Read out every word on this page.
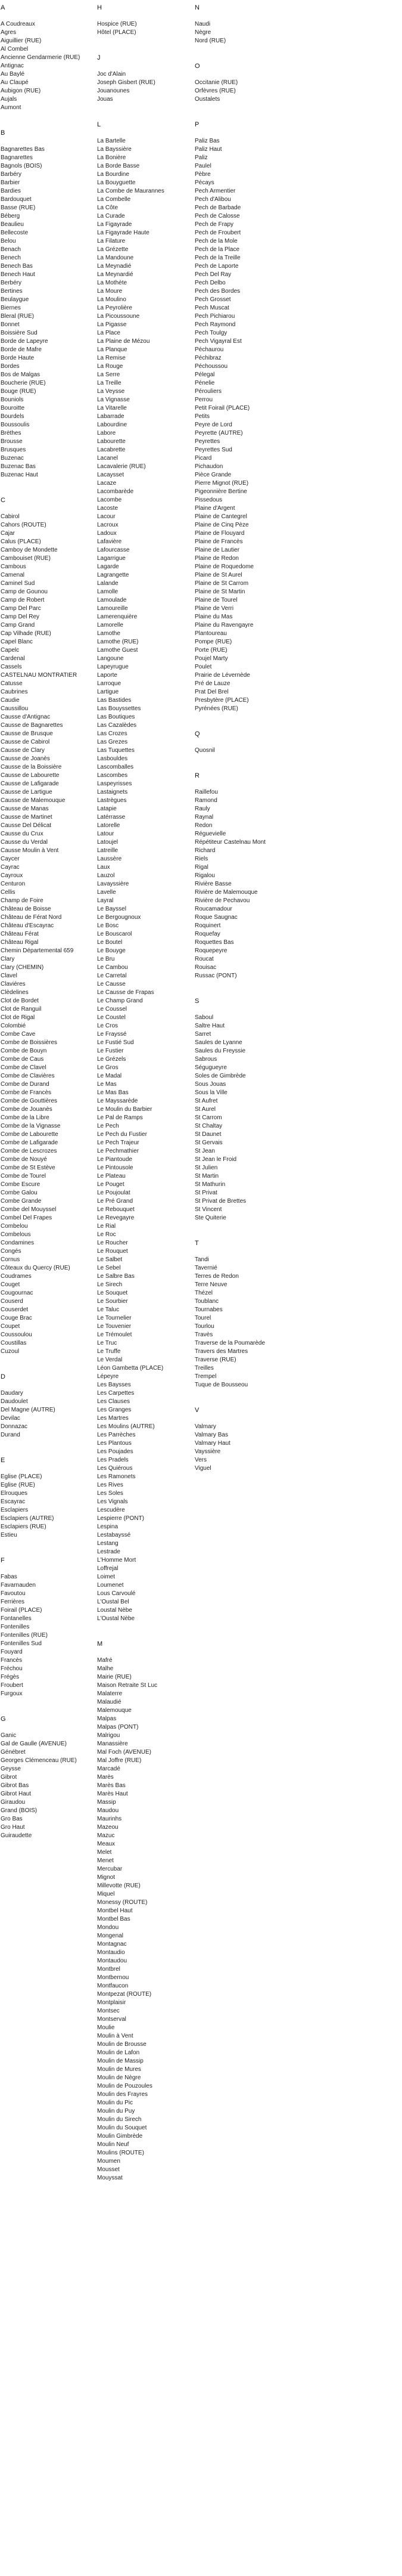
A
A Coudreaux
Agres
Aiguillier (RUE)
Al Combel
Ancienne Gendarmerie (RUE)
Antignac
Au Baylé
Au Claupé
Aubigon (RUE)
Aujals
Aumont
B
Bagnarettes Bas
Bagnarettes
Bagnols (BOIS)
Barbéry
Barbier
Bardies
Bardouquet
Basse (RUE)
Béberg
Beaulieu
Bellecoste
Belou
Benach
Benech
Benech Bas
Benech Haut
Berbéry
Bertines
Beulaygue
Biernes
Bleral (RUE)
Bonnet
Boissière Sud
Borde de Lapeyre
Borde de Mafre
Borde Haute
Bordes
Bos de Malgas
Boucherie (RUE)
Bouge (RUE)
Bouniols
Bouroitte
Bourdels
Boussoulis
Brèthes
Brousse
Brusques
Buzenac
Buzenac Bas
Buzenac Haut
C
Cabirol
Cahors (ROUTE)
Cajar
Calus (PLACE)
Camboy de Mondette
Cambouiset (RUE)
Cambous
Camenal
Caminel Sud
Camp de Gounou
Camp de Robert
Camp Del Parc
Camp Del Rey
Camp Grand
Cap Vilhade (RUE)
Capel Blanc
Capelc
Cardenal
Cassels
CASTELNAU MONTRATIER
Catusse
Caubrines
Caudie
Caussillou
Causse d'Antignac
Causse de Bagnarettes
Causse de Brusque
Causse de Cabirol
Causse de Clary
Causse de Joanès
Causse de la Boissière
Causse de Labourette
Causse de Lafigarade
Causse de Lartigue
Causse de Malemouque
Causse de Manas
Causse de Martinet
Causse Del Délicat
Causse du Crux
Causse du Verdal
Causse Moulin à Vent
Caycer
Cayrac
Cayroux
Centuron
Cellis
Champ de Foire
Château de Boisse
Château de Férat Nord
Château d'Escayrac
Château Férat
Château Rigal
Chemin Départemental 659
Clary
Clary (CHEMIN)
Clavel
Clavières
Clèdelines
Clot de Bordet
Clot de Ranguil
Clot de Rigal
Colombié
Combe Cave
Combe de Boissières
Combe de Bouyn
Combe de Caus
Combe de Clavel
Combe de Clavières
Combe de Durand
Combe de Francès
Combe de Gouttières
Combe de Jouanès
Combe de la Libre
Combe de la Vignasse
Combe de Labourette
Combe de Lafigarade
Combe de Lescrozes
Combe de Nouyé
Combe de St Estève
Combe de Tourel
Combe Escure
Combe Galou
Combe Grande
Combe del Mouyssel
Combel Del Frapes
Combelou
Combelous
Condamines
Congés
Cornus
Côteaux du Quercy (RUE)
Coudrames
Couget
Cougournac
Couserd
Couserdet
Couge Brac
Coupet
Coussoulou
Coustillas
Cuzoul
D
Daudary
Daudoulet
Del Magne (AUTRE)
Devilac
Donnazac
Durand
E
Eglise (PLACE)
Eglise (RUE)
Elrouques
Escayrac
Esclapiers
Esclapiers (AUTRE)
Esclapiers (RUE)
Estieu
F
Fabas
Favarnauden
Favoutou
Ferrières
Foirail (PLACE)
Fontanelles
Fontenilles
Fontenilles (RUE)
Fontenilles Sud
Fouyard
Francès
Fréchou
Frégès
Froubert
Furgoux
G
Ganic
Gal de Gaulle (AVENUE)
Génébret
Georges Clémenceau (RUE)
Geysse
Gibrot
Gibrot Bas
Gibrot Haut
Giraudou
Grand (BOIS)
Gro Bas
Gro Haut
Guiraudette
H
Hospice (RUE)
Hôtel (PLACE)
J
Joc d'Alain
Joseph Gisbert (RUE)
Jouanounes
Jouas
L
La Bartelle
La Bayssière
La Bonière
La Borde Basse
La Bourdine
La Bouyguette
La Combe de Maurannes
La Combelle
La Côte
La Curade
La Figayrade
La Figayrade Haute
La Filature
La Grézette
La Mandoune
La Meynadié
La Meynardié
La Mothète
La Moure
La Moulino
La Peyrolière
La Picoussoune
La Pigasse
La Place
La Plaine de Mézou
La Planque
La Remise
La Rouge
La Serre
La Treille
La Veysse
La Vignasse
La Vitarelle
Labarrade
Labourdine
Labore
Labourette
Lacabrette
Lacanel
Lacavalerie (RUE)
Lacaysset
Lacaze
Lacombarède
Lacombe
Lacoste
Lacour
Lacroux
Ladoux
Lafavière
Lafourcasse
Lagarrigue
Lagarde
Lagrangette
Lalande
Lamolle
Lamoulade
Lamoureille
Lamerenquière
Lamorelle
Lamothe
Lamothe (RUE)
Lamothe Guest
Langoune
Lapeyrugue
Laporte
Larroque
Lartigue
Las Bastides
Las Bouyssettes
Las Boutiques
Las Cazalèdes
Las Crozes
Las Grezes
Las Tuquettes
Lasbouldes
Lascomballes
Lascombes
Laspeyrisses
Lastaignets
Lastrègues
Latapie
Latérrasse
Latorelle
Latour
Latoujel
Latreille
Laussère
Laux
Lauzol
Lavayssière
Lavelle
Layral
Le Bayssel
Le Bergougnoux
Le Bosc
Le Bouscarol
Le Boutel
Le Bouyge
Le Bru
Le Cambou
Le Carretal
Le Causse
Le Causse de Frapas
Le Champ Grand
Le Coussel
Le Coustel
Le Cros
Le Frayssé
Le Fustié Sud
Le Fustier
Le Grézels
Le Gros
Le Madal
Le Mas
Le Mas Bas
Le Mayssarède
Le Moulin du Barbier
Le Pal de Ramps
Le Pech
Le Pech du Fustier
Le Pech Trajeur
Le Pechmathier
Le Piantoude
Le Pintousole
Le Plateau
Le Pouget
Le Poujoulat
Le Pré Grand
Le Rebouquet
Le Revegayre
Le Rial
Le Roc
Le Roucher
Le Rouquet
Le Salbet
Le Sebel
Le Salbre Bas
Le Sirech
Le Souquet
Le Sourbier
Le Taluc
Le Tournelier
Le Touvenier
Le Trémoulet
Le Truc
Le Truffe
Le Verdal
Léon Gambetta (PLACE)
Lépeyre
Les Baysses
Les Carpettes
Les Clauses
Les Granges
Les Martres
Les Moulins (AUTRE)
Les Parrèches
Les Plantous
Les Poujades
Les Pradels
Les Quiérous
Les Ramonets
Les Rives
Les Soles
Les Vignals
Lescudère
Lespierre (PONT)
Lespina
Lestabayssé
Lestang
Lestrade
L'Homme Mort
Loffrejal
Loimet
Loumenet
Lous Carvoulé
L'Oustal Bel
Loustal Nèbe
L'Oustal Nèbe
M
Mafré
Malhe
Mairie (RUE)
Maison Retraite St Luc
Malaterre
Malaudié
Malemouque
Malpas
Malpas (PONT)
Malrigou
Manassière
Mal Foch (AVENUE)
Mal Joffre (RUE)
Marcadé
Marès
Marès Bas
Marès Haut
Massip
Maudou
Maurinhs
Mazeou
Mazuc
Meaux
Melet
Menet
Mercubar
Mignot
Millevotte (RUE)
Miquel
Monessy (ROUTE)
Montbel Haut
Montbel Bas
Mondou
Mongenal
Montagnac
Montaudio
Montaudou
Montbrel
Montbernou
Montfaucon
Montpezat (ROUTE)
Montplaisir
Montsec
Montserval
Moulie
Moulin à Vent
Moulin de Brousse
Moulin de Lafon
Moulin de Massip
Moulin de Mures
Moulin de Nègre
Moulin de Pouzoules
Moulin des Frayres
Moulin du Pic
Moulin du Puy
Moulin du Sirech
Moulin du Souquet
Moulin Gimbrède
Moulin Neuf
Moulins (ROUTE)
Moumen
Mousset
Mouyssat
N
Naudi
Nègre
Nord (RUE)
O
Occitanie (RUE)
Orfèvres (RUE)
Oustalets
P
Paliz Bas
Paliz Haut
Paliz
Paulel
Pèbre
Pécays
Pech Armentier
Pech d'Alibou
Pech de Barbade
Pech de Calosse
Pech de Frapy
Pech de Froubert
Pech de la Mole
Pech de la Place
Pech de la Treille
Pech de Laporte
Pech Del Ray
Pech Delbo
Pech des Bordes
Pech Grosset
Pech Muscat
Pech Pichiarou
Pech Raymond
Pech Toulgy
Pech Vigayral Est
Péchaurou
Péchibraz
Péchoussou
Pélegal
Pénelie
Pérouliers
Perrou
Petit Foirail (PLACE)
Petits
Peyre de Lord
Peyrette (AUTRE)
Peyrettes
Peyrettes Sud
Picard
Pichaudon
Pièce Grande
Pierre Mignot (RUE)
Pigeonnière Bertine
Pissedous
Plaine d'Argent
Plaine de Cantegrel
Plaine de Cinq Pèze
Plaine de Flouyard
Plaine de Francès
Plaine de Lautier
Plaine de Redon
Plaine de Roquedome
Plaine de St Aurel
Plaine de St Carrom
Plaine de St Martin
Plaine de Tourel
Plaine de Verri
Plaine du Mas
Plaine du Ravengayre
Plantoureau
Pompe (RUE)
Porte (RUE)
Poujel Marty
Poulet
Prairie de Lévernède
Pré de Lauze
Prat Del Brel
Presbytère (PLACE)
Pyrénées (RUE)
Q
Quosnil
R
Raillefou
Ramond
Rauly
Raynal
Redon
Réguevielle
Répétiteur Castelnau Mont
Richard
Riels
Rigal
Rigalou
Rivière Basse
Rivière de Malemouque
Rivière de Pechavou
Roucamadour
Roque Saugnac
Roquinert
Roquefay
Roquettes Bas
Roquepeyre
Roucat
Rouisac
Russac (PONT)
S
Saboul
Saltre Haut
Sarret
Saules de Lyanne
Saules du Freyssie
Sabrous
Ségugueyre
Soles de Gimbrède
Sous Jouas
Sous la Ville
St Aufret
St Aurel
St Carrom
St Chaltay
St Daunet
St Gervais
St Jean
St Jean le Froid
St Julien
St Martin
St Mathurin
St Privat
St Privat de Brettes
St Vincent
Ste Quiterie
T
Tandi
Tavernié
Terres de Redon
Terre Neuve
Thézel
Toublanc
Tournabes
Tourel
Tourlou
Travès
Traverse de la Poumarède
Travers des Martres
Traverse (RUE)
Treilles
Trempel
Tuque de Bousseou
V
Valmary
Valmary Bas
Valmary Haut
Vayssière
Vers
Viguel
